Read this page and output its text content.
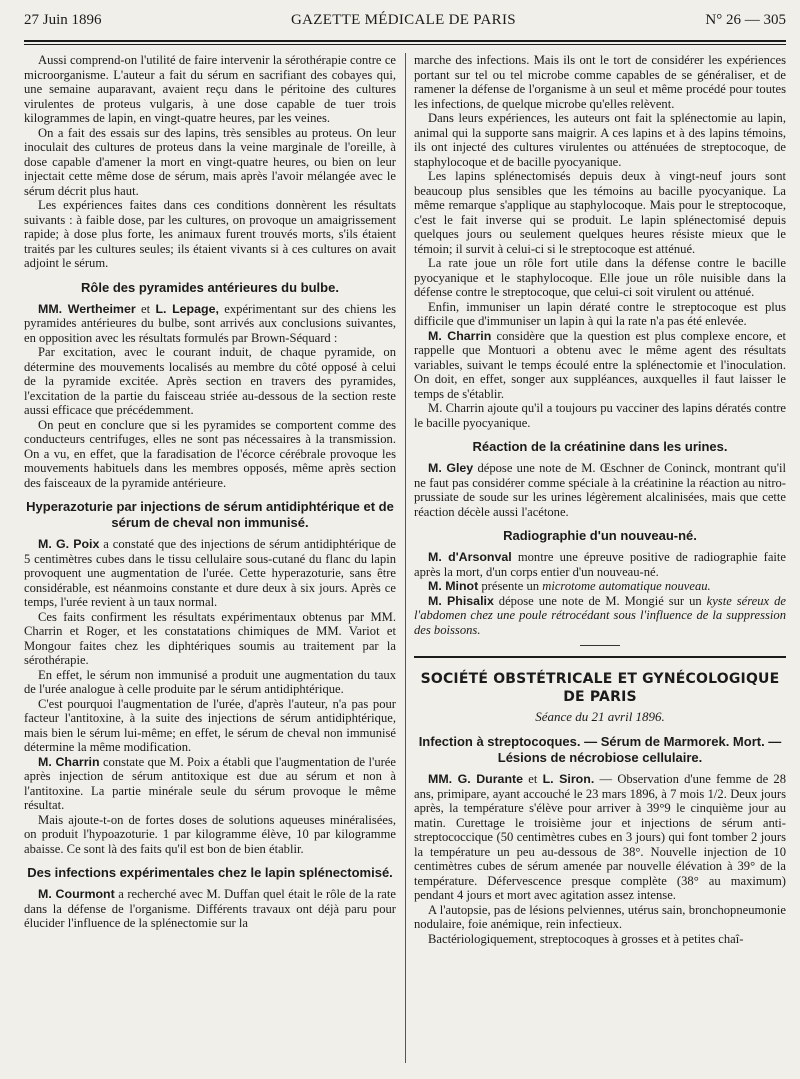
27 Juin 1896	GAZETTE MÉDICALE DE PARIS	N° 26 — 305

Aussi comprend-on l'utilité de faire intervenir la sérothérapie contre ce microorganisme. L'auteur a fait du sérum en sacrifiant des cobayes qui, une semaine auparavant, avaient reçu dans le péritoine des cultures virulentes de proteus vulgaris, à une dose capable de tuer trois kilogrammes de lapin, en vingt-quatre heures, par les veines.

On a fait des essais sur des lapins, très sensibles au proteus. On leur inoculait des cultures de proteus dans la veine marginale de l'oreille, à dose capable d'amener la mort en vingt-quatre heures, ou bien on leur injectait cette même dose de sérum, mais après l'avoir mélangée avec le sérum décrit plus haut.

Les expériences faites dans ces conditions donnèrent les résultats suivants : à faible dose, par les cultures, on provoque un amaigrissement rapide; à dose plus forte, les animaux furent trouvés morts, s'ils étaient traités par les cultures seules; ils étaient vivants si à ces cultures on avait adjoint le sérum.

Rôle des pyramides antérieures du bulbe.

MM. Wertheimer et L. Lepage, expérimentant sur des chiens les pyramides antérieures du bulbe, sont arrivés aux conclusions suivantes, en opposition avec les résultats formulés par Brown-Séquard :

Par excitation, avec le courant induit, de chaque pyramide, on détermine des mouvements localisés au membre du côté opposé à celui de la pyramide excitée. Après section en travers des pyramides, l'excitation de la partie du faisceau striée au-dessous de la section reste aussi efficace que précédemment.

On peut en conclure que si les pyramides se comportent comme des conducteurs centrifuges, elles ne sont pas nécessaires à la transmission. On a vu, en effet, que la faradisation de l'écorce cérébrale provoque les mouvements habituels dans les membres opposés, même après section des faisceaux de la pyramide antérieure.

Hyperazoturie par injections de sérum antidiphtérique et de sérum de cheval non immunisé.

M. G. Poix a constaté que des injections de sérum antidiphtérique de 5 centimètres cubes dans le tissu cellulaire sous-cutané du flanc du lapin provoquent une augmentation de l'urée. Cette hyperazoturie, sans être considérable, est néanmoins constante et dure deux à six jours. Après ce temps, l'urée revient à un taux normal.

Ces faits confirment les résultats expérimentaux obtenus par MM. Charrin et Roger, et les constatations chimiques de MM. Variot et Mongour faites chez les diphtériques soumis au traitement par la sérothérapie.

En effet, le sérum non immunisé a produit une augmentation du taux de l'urée analogue à celle produite par le sérum antidiphtérique.

C'est pourquoi l'augmentation de l'urée, d'après l'auteur, n'a pas pour facteur l'antitoxine, à la suite des injections de sérum antidiphtérique, mais bien le sérum lui-même; en effet, le sérum de cheval non immunisé détermine la même modification.

M. Charrin constate que M. Poix a établi que l'augmentation de l'urée après injection de sérum antitoxique est due au sérum et non à l'antitoxine. La partie minérale seule du sérum provoque le même résultat.

Mais ajoute-t-on de fortes doses de solutions aqueuses minéralisées, on produit l'hypoazoturie. 1 par kilogramme élève, 10 par kilogramme abaisse. Ce sont là des faits qu'il est bon de bien établir.

Des infections expérimentales chez le lapin splénectomisé.

M. Courmont a recherché avec M. Duffan quel était le rôle de la rate dans la défense de l'organisme. Différents travaux ont déjà paru pour élucider l'influence de la splénectomie sur la

marche des infections. Mais ils ont le tort de considérer les expériences portant sur tel ou tel microbe comme capables de se généraliser, et de ramener la défense de l'organisme à un seul et même procédé pour toutes les infections, de quelque microbe qu'elles relèvent.

Dans leurs expériences, les auteurs ont fait la splénectomie au lapin, animal qui la supporte sans maigrir. A ces lapins et à des lapins témoins, ils ont injecté des cultures virulentes ou atténuées de streptocoque, de staphylocoque et de bacille pyocyanique.

Les lapins splénectomisés depuis deux à vingt-neuf jours sont beaucoup plus sensibles que les témoins au bacille pyocyanique. La même remarque s'applique au staphylocoque. Mais pour le streptocoque, c'est le fait inverse qui se produit. Le lapin splénectomisé depuis quelques jours ou seulement quelques heures résiste mieux que le témoin; il survit à celui-ci si le streptocoque est atténué.

La rate joue un rôle fort utile dans la défense contre le bacille pyocyanique et le staphylocoque. Elle joue un rôle nuisible dans la défense contre le streptocoque, que celui-ci soit virulent ou atténué.

Enfin, immuniser un lapin dératé contre le streptocoque est plus difficile que d'immuniser un lapin à qui la rate n'a pas été enlevée.

M. Charrin considère que la question est plus complexe encore, et rappelle que Montuori a obtenu avec le même agent des résultats variables, suivant le temps écoulé entre la splénectomie et l'inoculation. On doit, en effet, songer aux suppléances, auxquelles il faut laisser le temps de s'établir.

M. Charrin ajoute qu'il a toujours pu vacciner des lapins dératés contre le bacille pyocyanique.

Réaction de la créatinine dans les urines.

M. Gley dépose une note de M. Œschner de Coninck, montrant qu'il ne faut pas considérer comme spéciale à la créatinine la réaction au nitro-prussiate de soude sur les urines légèrement alcalinisées, mais que cette réaction décèle aussi l'acétone.

Radiographie d'un nouveau-né.

M. d'Arsonval montre une épreuve positive de radiographie faite après la mort, d'un corps entier d'un nouveau-né.

M. Minot présente un microtome automatique nouveau.

M. Phisalix dépose une note de M. Mongié sur un kyste séreux de l'abdomen chez une poule rétrocédant sous l'influence de la suppression des boissons.

SOCIÉTÉ OBSTÉTRICALE ET GYNÉCOLOGIQUE DE PARIS
Séance du 21 avril 1896.
Infection à streptocoques. — Sérum de Marmorek. Mort. — Lésions de nécrobiose cellulaire.

MM. G. Durante et L. Siron. — Observation d'une femme de 28 ans, primipare, ayant accouché le 23 mars 1896, à 7 mois 1/2. Deux jours après, la température s'élève pour arriver à 39°9 le cinquième jour au matin. Curettage le troisième jour et injections de sérum anti-streptococcique (50 centimètres cubes en 3 jours) qui font tomber 2 jours la température un peu au-dessous de 38°. Nouvelle injection de 10 centimètres cubes de sérum amenée par nouvelle élévation à 39° de la température. Défervescence presque complète (38° au maximum) pendant 4 jours et mort avec agitation assez intense.

A l'autopsie, pas de lésions pelviennes, utérus sain, bronchopneumonie nodulaire, foie anémique, rein infectieux.

Bactériologiquement, streptocoques à grosses et à petites chaî-
